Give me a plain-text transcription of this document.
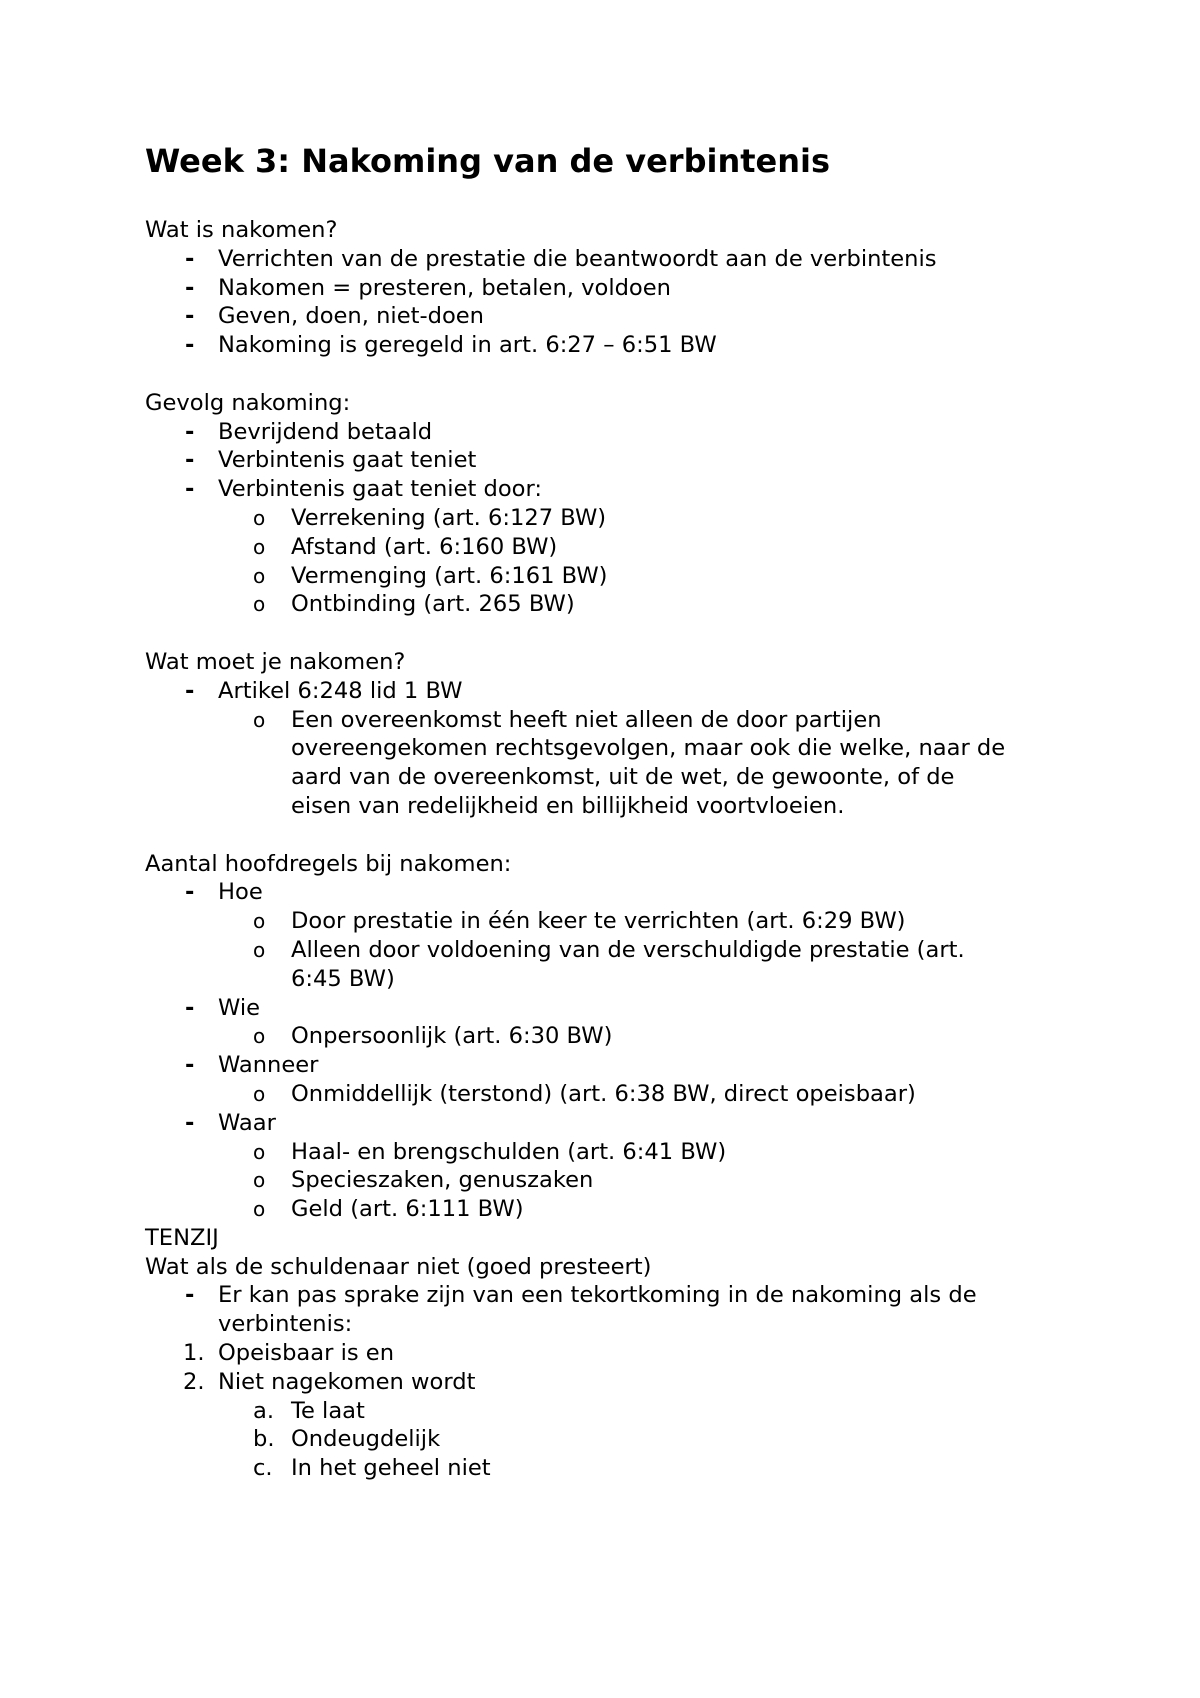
Week 3: Nakoming van de verbintenis
Wat is nakomen?
- Verrichten van de prestatie die beantwoordt aan de verbintenis
- Nakomen = presteren, betalen, voldoen
- Geven, doen, niet-doen
- Nakoming is geregeld in art. 6:27 – 6:51 BW
Gevolg nakoming:
- Bevrijdend betaald
- Verbintenis gaat teniet
- Verbintenis gaat teniet door:
o Verrekening (art. 6:127 BW)
o Afstand (art. 6:160 BW)
o Vermenging (art. 6:161 BW)
o Ontbinding (art. 265 BW)
Wat moet je nakomen?
- Artikel 6:248 lid 1 BW
o Een overeenkomst heeft niet alleen de door partijen
overeengekomen rechtsgevolgen, maar ook die welke, naar de
aard van de overeenkomst, uit de wet, de gewoonte, of de
eisen van redelijkheid en billijkheid voortvloeien.
Aantal hoofdregels bij nakomen:
- Hoe
o Door prestatie in één keer te verrichten (art. 6:29 BW)
o Alleen door voldoening van de verschuldigde prestatie (art.
6:45 BW)
- Wie
o Onpersoonlijk (art. 6:30 BW)
- Wanneer
o Onmiddellijk (terstond) (art. 6:38 BW, direct opeisbaar)
- Waar
o Haal- en brengschulden (art. 6:41 BW)
o Specieszaken, genuszaken
o Geld (art. 6:111 BW)
TENZIJ
Wat als de schuldenaar niet (goed presteert)
- Er kan pas sprake zijn van een tekortkoming in de nakoming als de
verbintenis:
1. Opeisbaar is en
2. Niet nagekomen wordt
a. Te laat
b. Ondeugdelijk
c. In het geheel niet
